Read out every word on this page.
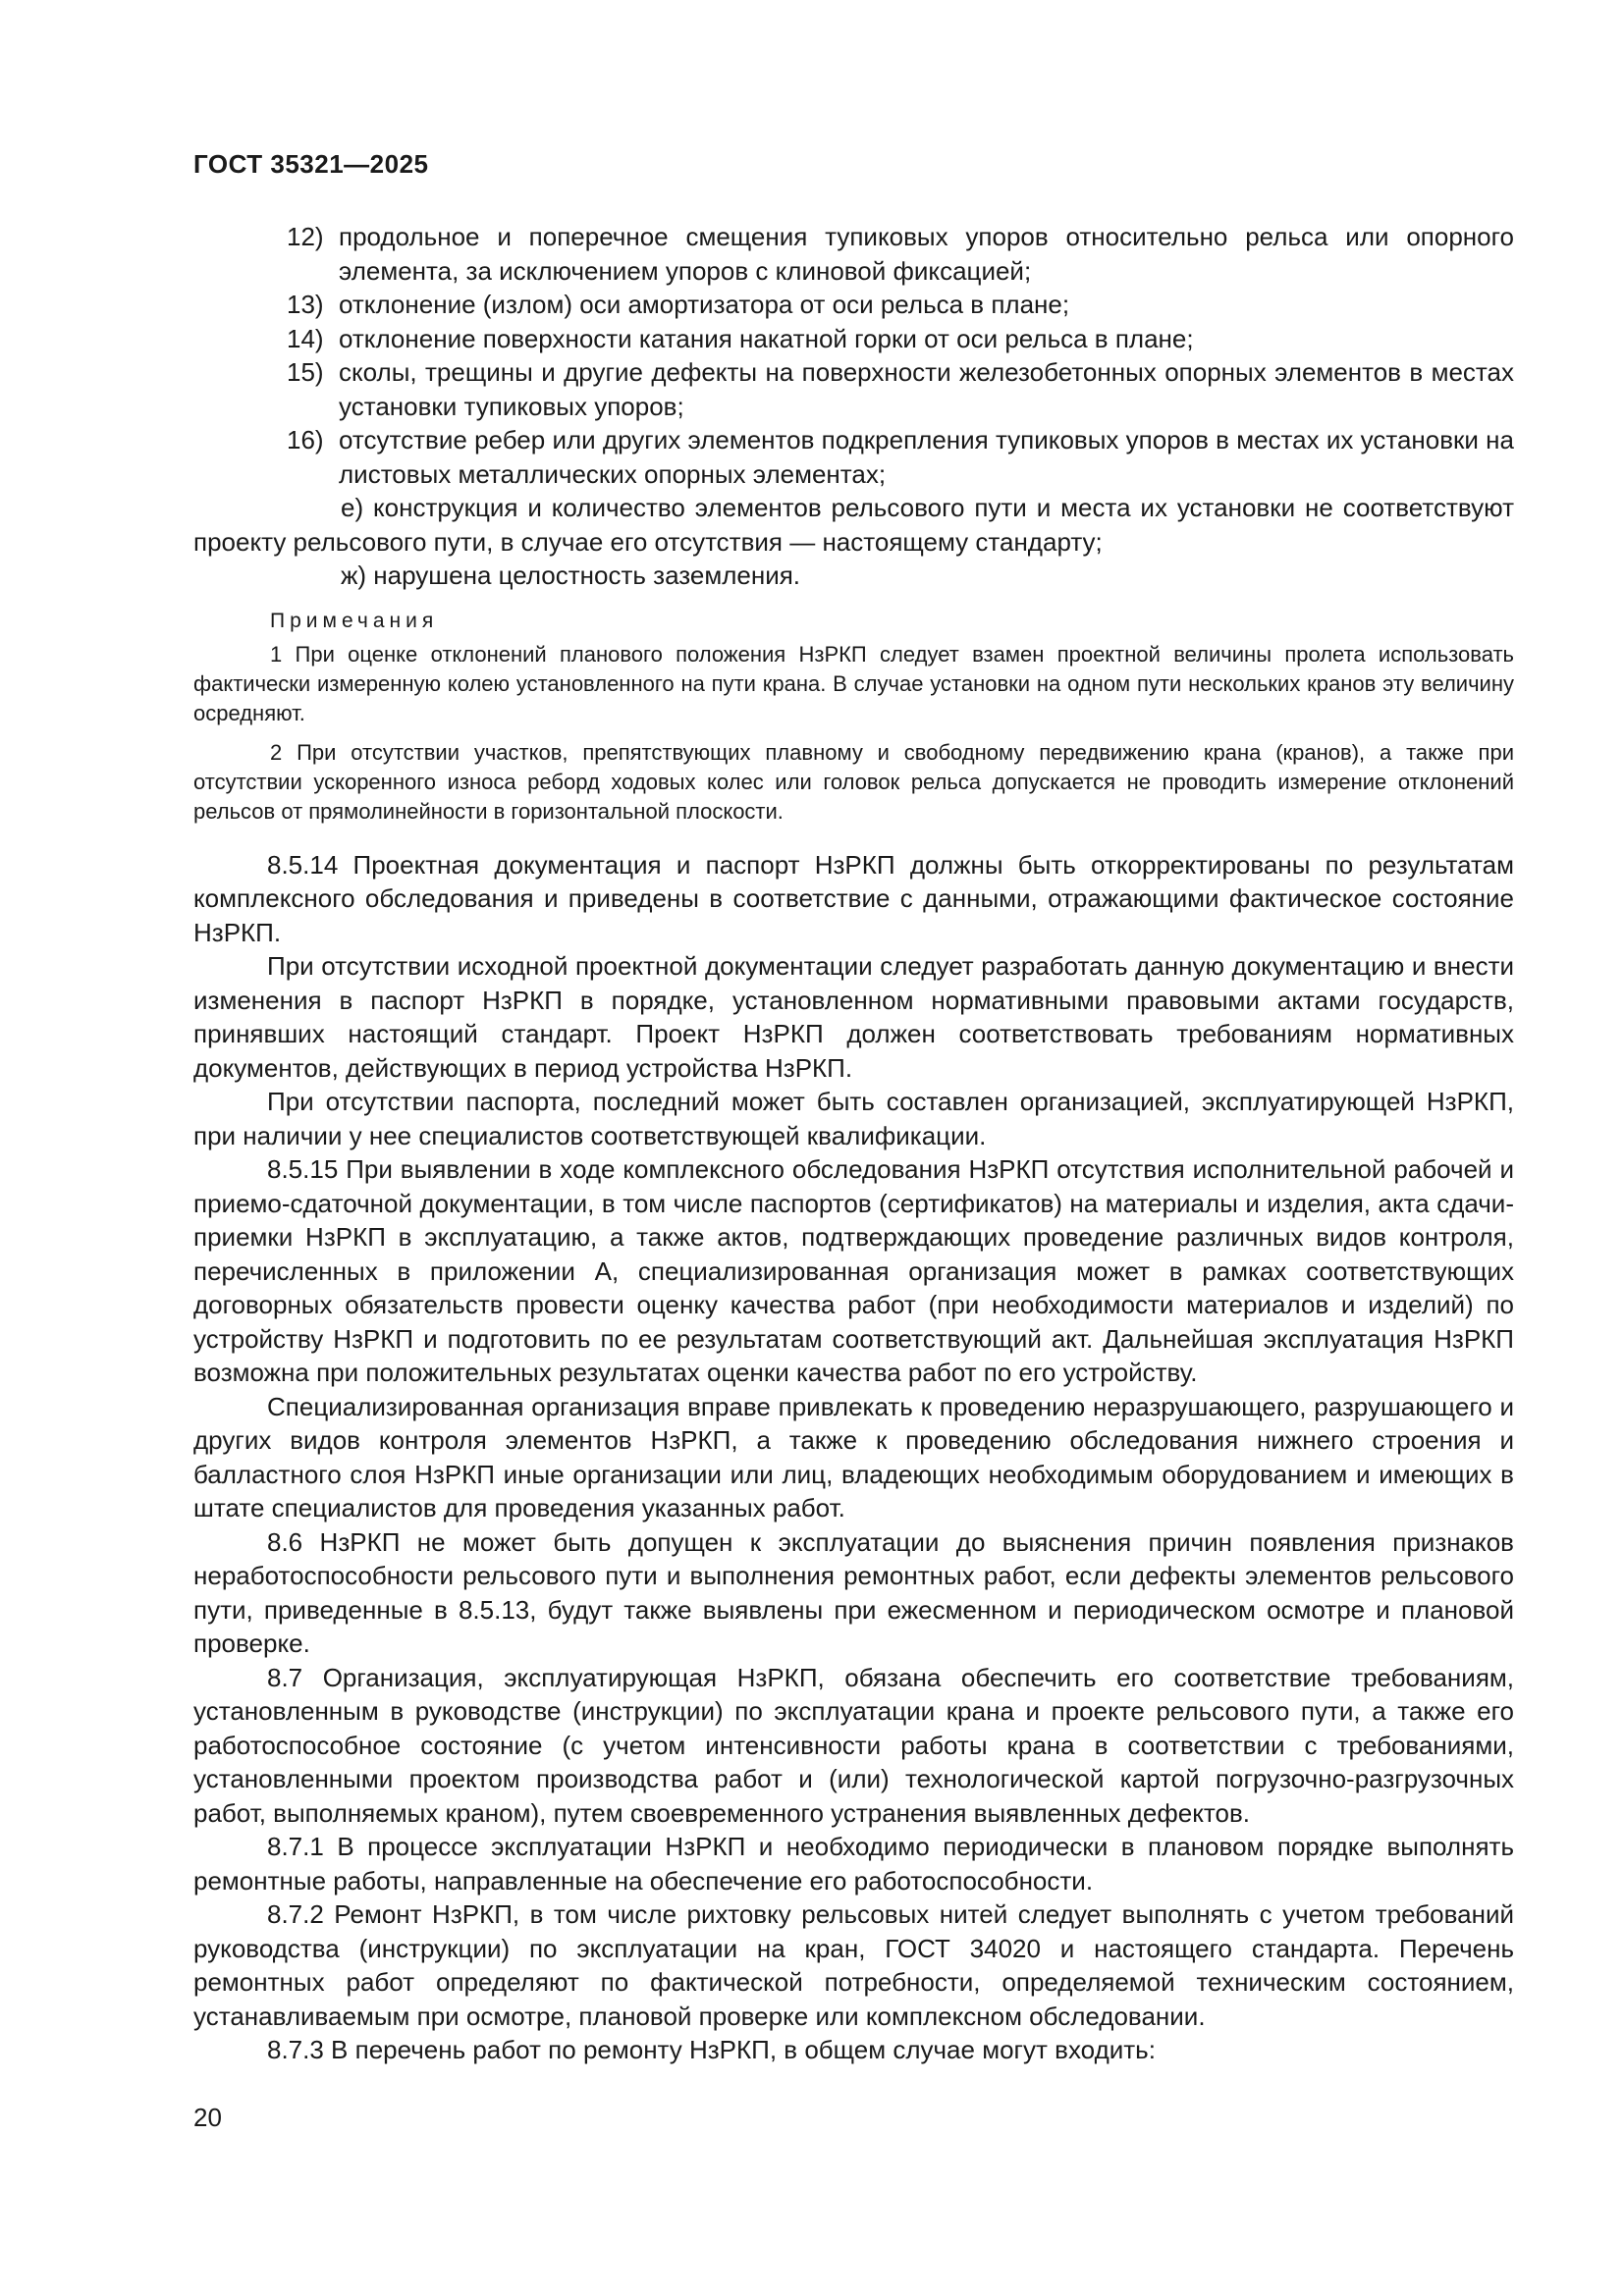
ГОСТ 35321—2025

12) продольное и поперечное смещения тупиковых упоров относительно рельса или опорного элемента, за исключением упоров с клиновой фиксацией;

13) отклонение (излом) оси амортизатора от оси рельса в плане;

14) отклонение поверхности катания накатной горки от оси рельса в плане;

15) сколы, трещины и другие дефекты на поверхности железобетонных опорных элементов в местах установки тупиковых упоров;

16) отсутствие ребер или других элементов подкрепления тупиковых упоров в местах их установки на листовых металлических опорных элементах;

е) конструкция и количество элементов рельсового пути и места их установки не соответствуют проекту рельсового пути, в случае его отсутствия — настоящему стандарту;

ж) нарушена целостность заземления.

Примечания

1 При оценке отклонений планового положения НзРКП следует взамен проектной величины пролета использовать фактически измеренную колею установленного на пути крана. В случае установки на одном пути нескольких кранов эту величину осредняют.

2 При отсутствии участков, препятствующих плавному и свободному передвижению крана (кранов), а также при отсутствии ускоренного износа реборд ходовых колес или головок рельса допускается не проводить измерение отклонений рельсов от прямолинейности в горизонтальной плоскости.

8.5.14 Проектная документация и паспорт НзРКП должны быть откорректированы по результатам комплексного обследования и приведены в соответствие с данными, отражающими фактическое состояние НзРКП.

При отсутствии исходной проектной документации следует разработать данную документацию и внести изменения в паспорт НзРКП в порядке, установленном нормативными правовыми актами государств, принявших настоящий стандарт. Проект НзРКП должен соответствовать требованиям нормативных документов, действующих в период устройства НзРКП.

При отсутствии паспорта, последний может быть составлен организацией, эксплуатирующей НзРКП, при наличии у нее специалистов соответствующей квалификации.

8.5.15 При выявлении в ходе комплексного обследования НзРКП отсутствия исполнительной рабочей и приемо-сдаточной документации, в том числе паспортов (сертификатов) на материалы и изделия, акта сдачи-приемки НзРКП в эксплуатацию, а также актов, подтверждающих проведение различных видов контроля, перечисленных в приложении А, специализированная организация может в рамках соответствующих договорных обязательств провести оценку качества работ (при необходимости материалов и изделий) по устройству НзРКП и подготовить по ее результатам соответствующий акт. Дальнейшая эксплуатация НзРКП возможна при положительных результатах оценки качества работ по его устройству.

Специализированная организация вправе привлекать к проведению неразрушающего, разрушающего и других видов контроля элементов НзРКП, а также к проведению обследования нижнего строения и балластного слоя НзРКП иные организации или лиц, владеющих необходимым оборудованием и имеющих в штате специалистов для проведения указанных работ.

8.6 НзРКП не может быть допущен к эксплуатации до выяснения причин появления признаков неработоспособности рельсового пути и выполнения ремонтных работ, если дефекты элементов рельсового пути, приведенные в 8.5.13, будут также выявлены при ежесменном и периодическом осмотре и плановой проверке.

8.7 Организация, эксплуатирующая НзРКП, обязана обеспечить его соответствие требованиям, установленным в руководстве (инструкции) по эксплуатации крана и проекте рельсового пути, а также его работоспособное состояние (с учетом интенсивности работы крана в соответствии с требованиями, установленными проектом производства работ и (или) технологической картой погрузочно-разгрузочных работ, выполняемых краном), путем своевременного устранения выявленных дефектов.

8.7.1 В процессе эксплуатации НзРКП и необходимо периодически в плановом порядке выполнять ремонтные работы, направленные на обеспечение его работоспособности.

8.7.2 Ремонт НзРКП, в том числе рихтовку рельсовых нитей следует выполнять с учетом требований руководства (инструкции) по эксплуатации на кран, ГОСТ 34020 и настоящего стандарта. Перечень ремонтных работ определяют по фактической потребности, определяемой техническим состоянием, устанавливаемым при осмотре, плановой проверке или комплексном обследовании.

8.7.3 В перечень работ по ремонту НзРКП, в общем случае могут входить:

20
